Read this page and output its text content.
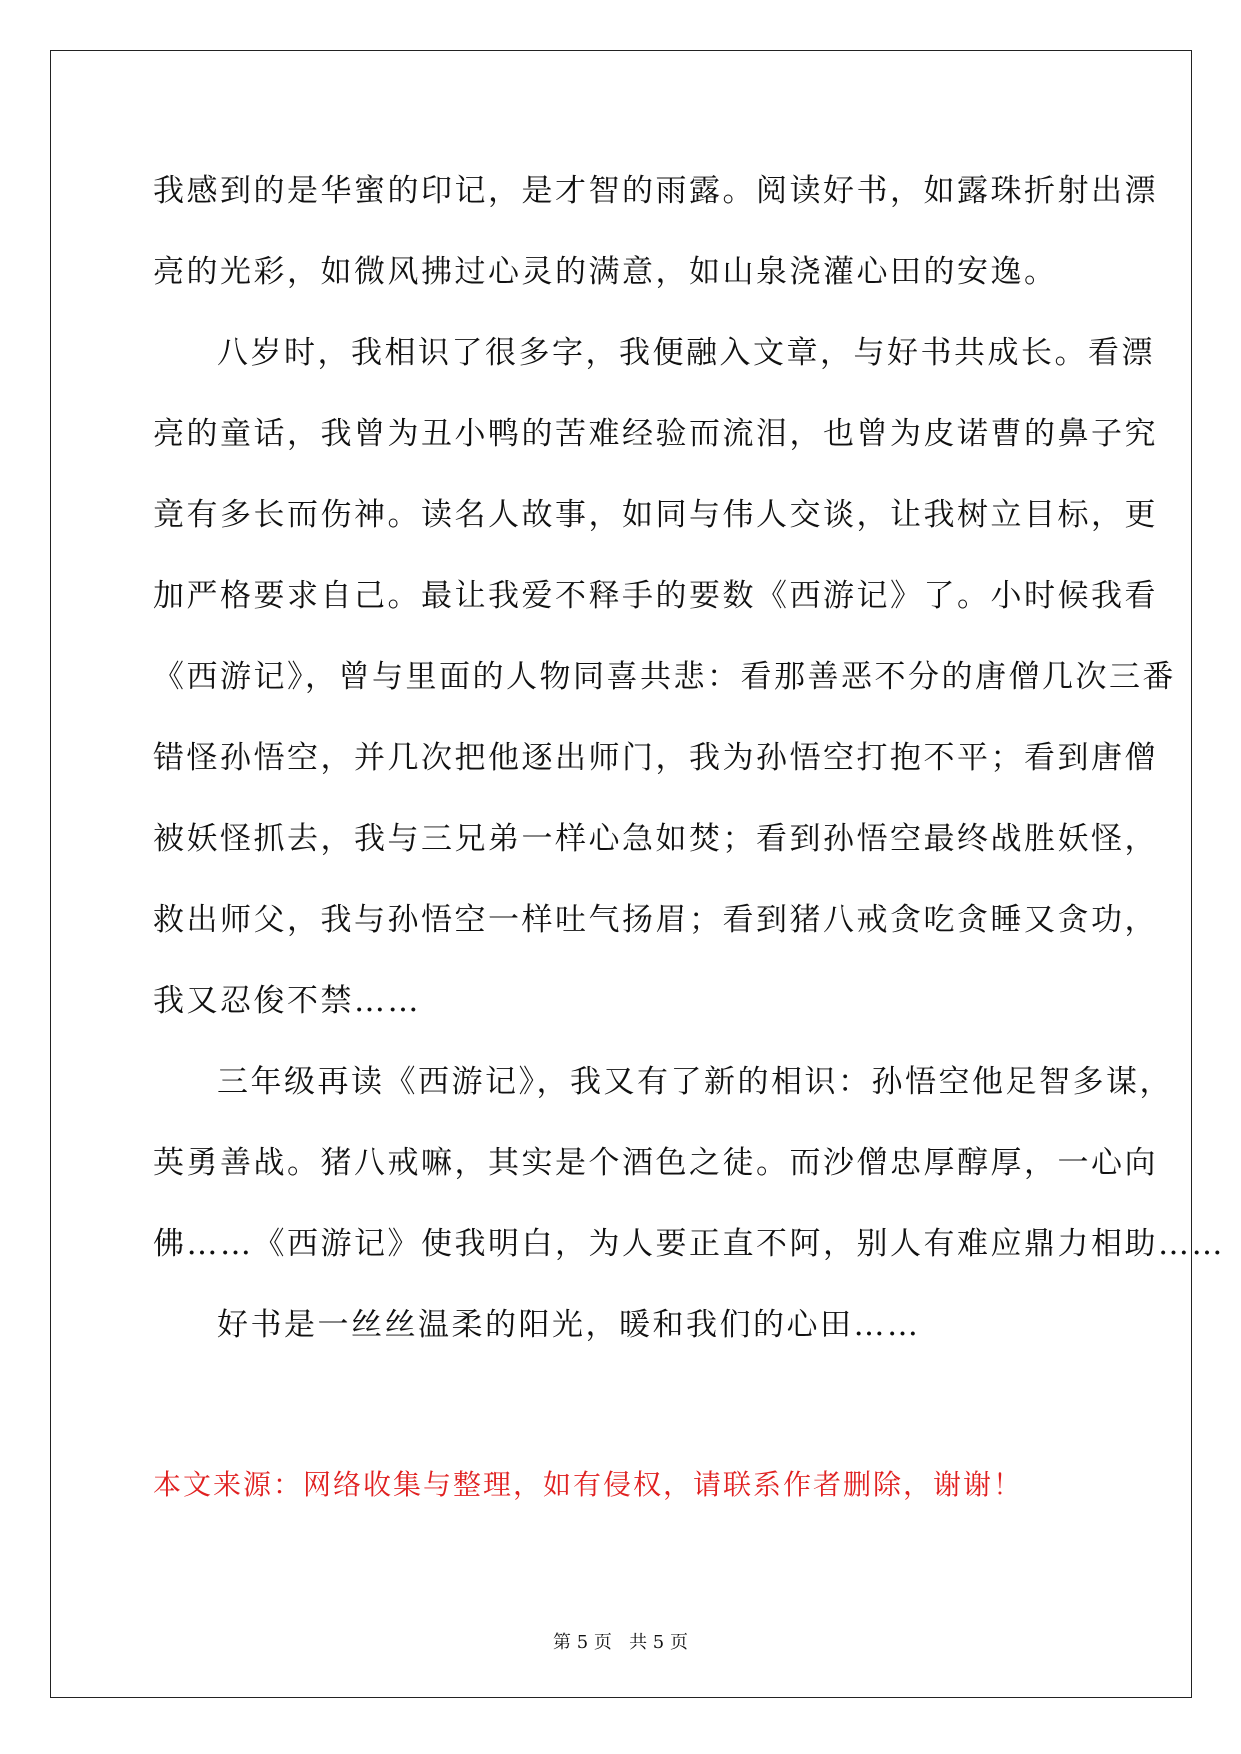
我感到的是华蜜的印记，是才智的雨露。阅读好书，如露珠折射出漂
亮的光彩，如微风拂过心灵的满意，如山泉浇灌心田的安逸。
八岁时，我相识了很多字，我便融入文章，与好书共成长。看漂
亮的童话，我曾为丑小鸭的苦难经验而流泪，也曾为皮诺曹的鼻子究
竟有多长而伤神。读名人故事，如同与伟人交谈，让我树立目标，更
加严格要求自己。最让我爱不释手的要数《西游记》了。小时候我看
《西游记》，曾与里面的人物同喜共悲：看那善恶不分的唐僧几次三番
错怪孙悟空，并几次把他逐出师门，我为孙悟空打抱不平；看到唐僧
被妖怪抓去，我与三兄弟一样心急如焚；看到孙悟空最终战胜妖怪，
救出师父，我与孙悟空一样吐气扬眉；看到猪八戒贪吃贪睡又贪功，
我又忍俊不禁……
三年级再读《西游记》，我又有了新的相识：孙悟空他足智多谋，
英勇善战。猪八戒嘛，其实是个酒色之徒。而沙僧忠厚醇厚，一心向
佛……《西游记》使我明白，为人要正直不阿，别人有难应鼎力相助……
好书是一丝丝温柔的阳光，暖和我们的心田……
本文来源：网络收集与整理，如有侵权，请联系作者删除，谢谢！
第 5 页   共 5 页
